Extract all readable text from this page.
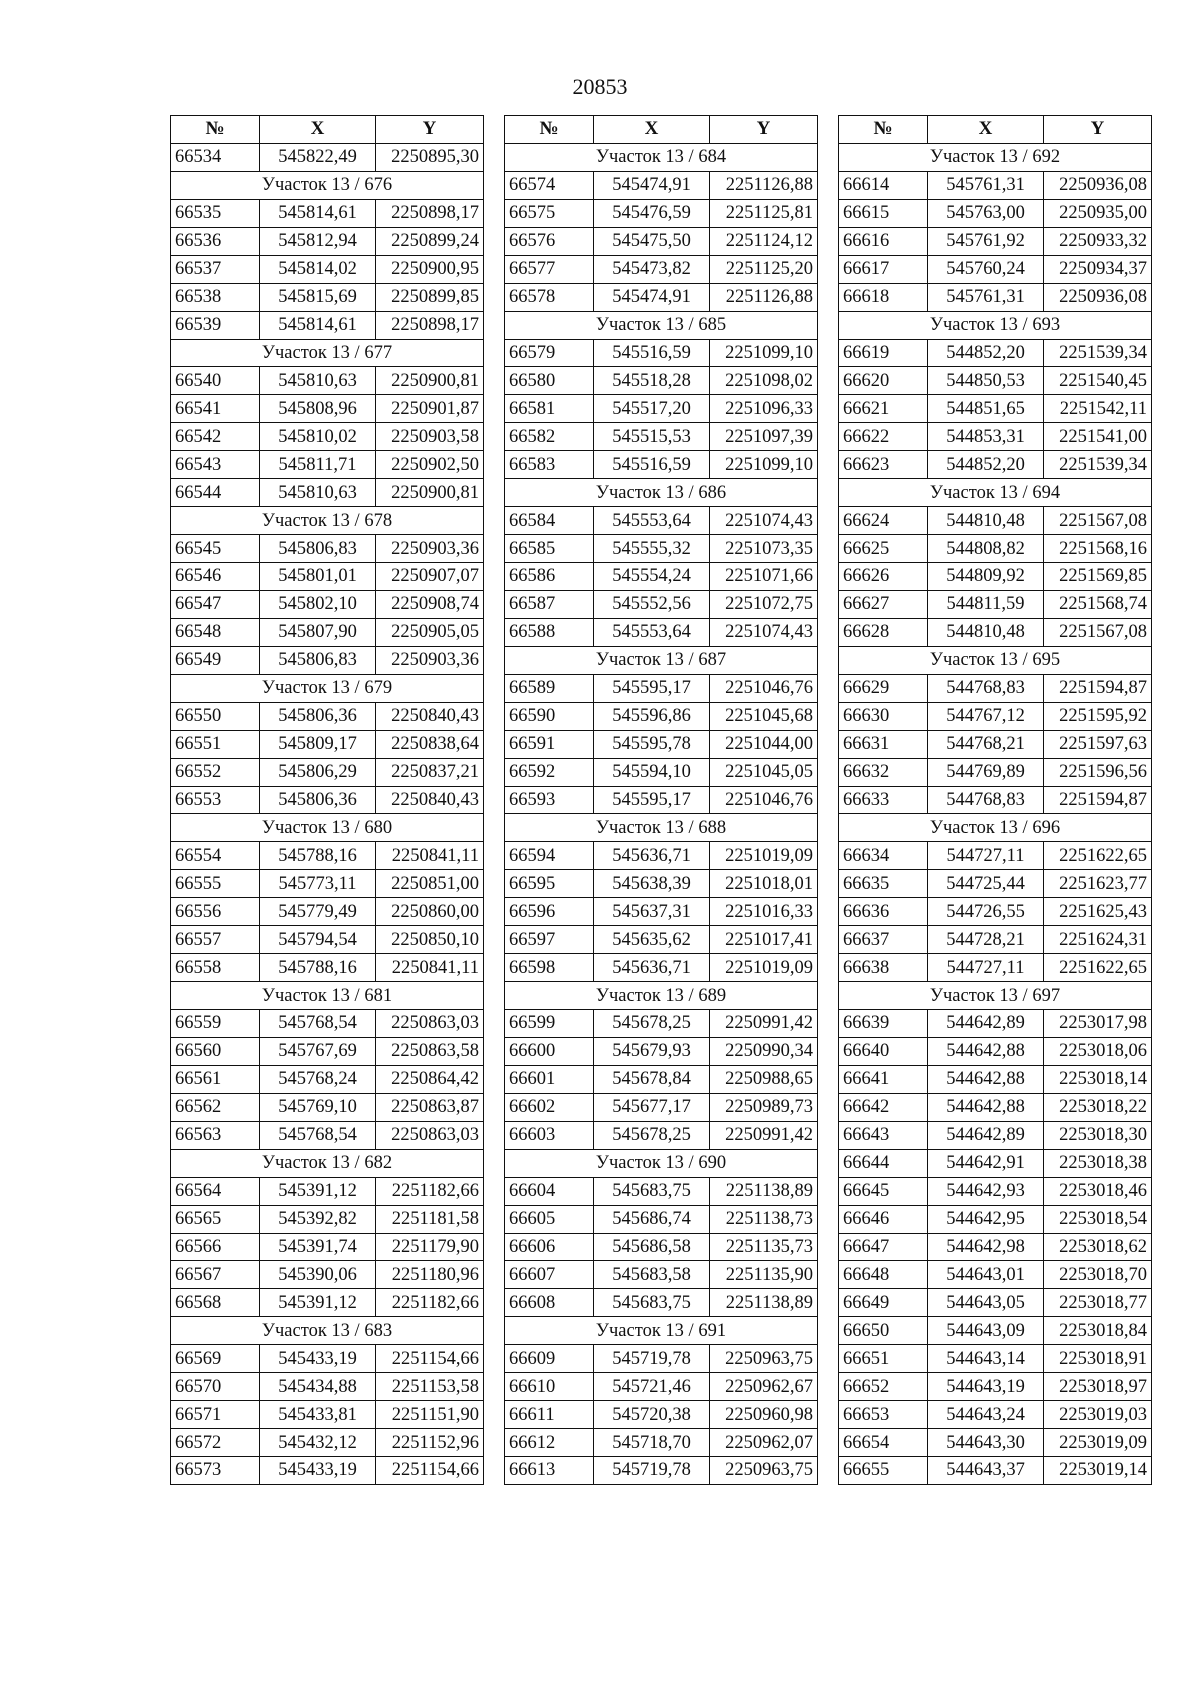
20853
№	X	Y
66534	545822,49	2250895,30
Участок 13 / 676		
66535	545814,61	2250898,17
66536	545812,94	2250899,24
66537	545814,02	2250900,95
66538	545815,69	2250899,85
66539	545814,61	2250898,17
Участок 13 / 677		
66540	545810,63	2250900,81
66541	545808,96	2250901,87
66542	545810,02	2250903,58
66543	545811,71	2250902,50
66544	545810,63	2250900,81
Участок 13 / 678		
66545	545806,83	2250903,36
66546	545801,01	2250907,07
66547	545802,10	2250908,74
66548	545807,90	2250905,05
66549	545806,83	2250903,36
Участок 13 / 679		
66550	545806,36	2250840,43
66551	545809,17	2250838,64
66552	545806,29	2250837,21
66553	545806,36	2250840,43
Участок 13 / 680		
66554	545788,16	2250841,11
66555	545773,11	2250851,00
66556	545779,49	2250860,00
66557	545794,54	2250850,10
66558	545788,16	2250841,11
Участок 13 / 681		
66559	545768,54	2250863,03
66560	545767,69	2250863,58
66561	545768,24	2250864,42
66562	545769,10	2250863,87
66563	545768,54	2250863,03
Участок 13 / 682		
66564	545391,12	2251182,66
66565	545392,82	2251181,58
66566	545391,74	2251179,90
66567	545390,06	2251180,96
66568	545391,12	2251182,66
Участок 13 / 683		
66569	545433,19	2251154,66
66570	545434,88	2251153,58
66571	545433,81	2251151,90
66572	545432,12	2251152,96
66573	545433,19	2251154,66
№	X	Y
Участок 13 / 684		
66574	545474,91	2251126,88
66575	545476,59	2251125,81
66576	545475,50	2251124,12
66577	545473,82	2251125,20
66578	545474,91	2251126,88
Участок 13 / 685		
66579	545516,59	2251099,10
66580	545518,28	2251098,02
66581	545517,20	2251096,33
66582	545515,53	2251097,39
66583	545516,59	2251099,10
Участок 13 / 686		
66584	545553,64	2251074,43
66585	545555,32	2251073,35
66586	545554,24	2251071,66
66587	545552,56	2251072,75
66588	545553,64	2251074,43
Участок 13 / 687		
66589	545595,17	2251046,76
66590	545596,86	2251045,68
66591	545595,78	2251044,00
66592	545594,10	2251045,05
66593	545595,17	2251046,76
Участок 13 / 688		
66594	545636,71	2251019,09
66595	545638,39	2251018,01
66596	545637,31	2251016,33
66597	545635,62	2251017,41
66598	545636,71	2251019,09
Участок 13 / 689		
66599	545678,25	2250991,42
66600	545679,93	2250990,34
66601	545678,84	2250988,65
66602	545677,17	2250989,73
66603	545678,25	2250991,42
Участок 13 / 690		
66604	545683,75	2251138,89
66605	545686,74	2251138,73
66606	545686,58	2251135,73
66607	545683,58	2251135,90
66608	545683,75	2251138,89
Участок 13 / 691		
66609	545719,78	2250963,75
66610	545721,46	2250962,67
66611	545720,38	2250960,98
66612	545718,70	2250962,07
66613	545719,78	2250963,75
№	X	Y
Участок 13 / 692		
66614	545761,31	2250936,08
66615	545763,00	2250935,00
66616	545761,92	2250933,32
66617	545760,24	2250934,37
66618	545761,31	2250936,08
Участок 13 / 693		
66619	544852,20	2251539,34
66620	544850,53	2251540,45
66621	544851,65	2251542,11
66622	544853,31	2251541,00
66623	544852,20	2251539,34
Участок 13 / 694		
66624	544810,48	2251567,08
66625	544808,82	2251568,16
66626	544809,92	2251569,85
66627	544811,59	2251568,74
66628	544810,48	2251567,08
Участок 13 / 695		
66629	544768,83	2251594,87
66630	544767,12	2251595,92
66631	544768,21	2251597,63
66632	544769,89	2251596,56
66633	544768,83	2251594,87
Участок 13 / 696		
66634	544727,11	2251622,65
66635	544725,44	2251623,77
66636	544726,55	2251625,43
66637	544728,21	2251624,31
66638	544727,11	2251622,65
Участок 13 / 697		
66639	544642,89	2253017,98
66640	544642,88	2253018,06
66641	544642,88	2253018,14
66642	544642,88	2253018,22
66643	544642,89	2253018,30
66644	544642,91	2253018,38
66645	544642,93	2253018,46
66646	544642,95	2253018,54
66647	544642,98	2253018,62
66648	544643,01	2253018,70
66649	544643,05	2253018,77
66650	544643,09	2253018,84
66651	544643,14	2253018,91
66652	544643,19	2253018,97
66653	544643,24	2253019,03
66654	544643,30	2253019,09
66655	544643,37	2253019,14
